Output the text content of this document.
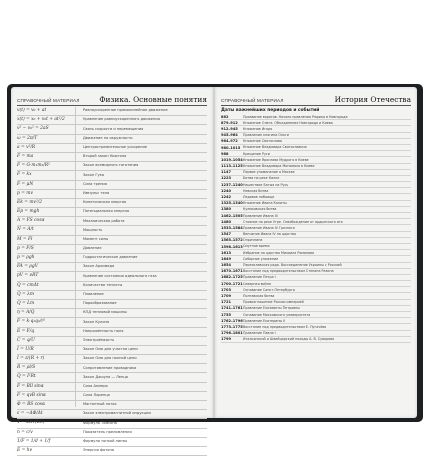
СПРАВОЧНЫЙ МАТЕРИАЛ	Физика. Основные понятия
v(t) = v₀ + at	Равноускоренное прямолинейное движение
x(t) = x₀ + v₀t + at²/2	Уравнение равноускоренного движения
v² − v₀² = 2aS	Связь скорости и перемещения
ω = 2π/T	Движение по окружности
a = v²/R	Центростремительное ускорение
F = ma	Второй закон Ньютона
F = G·m₁m₂/R²	Закон всемирного тяготения
F = kx	Закон Гука
F = μN	Сила трения
p = mv	Импульс тела
Ek = mv²/2	Кинетическая энергия
Ep = mgh	Потенциальная энергия
A = FS cosα	Механическая работа
N = A/t	Мощность
M = Fl	Момент силы
p = F/S	Давление
p = ρgh	Гидростатическое давление
FA = ρgV	Закон Архимеда
pV = νRT	Уравнение состояния идеального газа
Q = cmΔt	Количество теплоты
Q = λm	Плавление
Q = Lm	Парообразование
η = A/Q	КПД тепловой машины
F = k·q₁q₂/r²	Закон Кулона
E = F/q	Напряжённость поля
C = q/U	Электроёмкость
I = U/R	Закон Ома для участка цепи
I = ε/(R + r)	Закон Ома для полной цепи
R = ρl/S	Сопротивление проводника
Q = I²Rt	Закон Джоуля — Ленца
F = BIl sinα	Сила Ампера
F = qvB sinα	Сила Лоренца
Φ = BS cosα	Магнитный поток
ε = −ΔΦ/Δt	Закон электромагнитной индукции
T = 2π√(LC)	Формула Томсона
n = c/v	Показатель преломления
1/F = 1/d + 1/f	Формула тонкой линзы
E = hν	Энергия фотона
СПРАВОЧНЫЙ МАТЕРИАЛ	История Отечества
Даты важнейших периодов и событий
862	Призвание варягов. Начало правления Рюрика в Новгороде
879–912 Княжение Олега. Объединение Новгорода и Киева
912–945 Княжение Игоря
945–964 Правление княгини Ольги
964–972 Княжение Святослава
980–1015 Княжение Владимира Святославича
988	Крещение Руси
1019–1054 Княжение Ярослава Мудрого в Киеве
1113–1125 Княжение Владимира Мономаха в Киеве
1147	Первое упоминание о Москве
1223	Битва на реке Калке
1237–1240 Нашествие Батыя на Русь
1240	Невская битва
1242	Ледовое побоище
1325–1340 Княжение Ивана Калиты
1380	Куликовская битва
1462–1505 Правление Ивана III
1480	Стояние на реке Угре. Освобождение от ордынского ига
1533–1584 Правление Ивана IV Грозного
1547	Венчание Ивана IV на царство
1565–1572 Опричнина
1598–1613 Смутное время
1613	Избрание на царство Михаила Романова
1649	Соборное уложение
1654	Переяславская рада. Воссоединение Украины с Россией
1670–1671 Восстание под предводительством Степана Разина
1682–1725 Правление Петра I
1700–1721 Северная война
1703	Основание Санкт-Петербурга
1709	Полтавская битва
1721	Провозглашение России империей
1741–1761 Правление Елизаветы Петровны
1755	Основание Московского университета
1762–1796 Правление Екатерины II
1773–1775 Восстание под предводительством Е. Пугачёва
1796–1801 Правление Павла I
1799	Итальянский и Швейцарский походы А. В. Суворова
